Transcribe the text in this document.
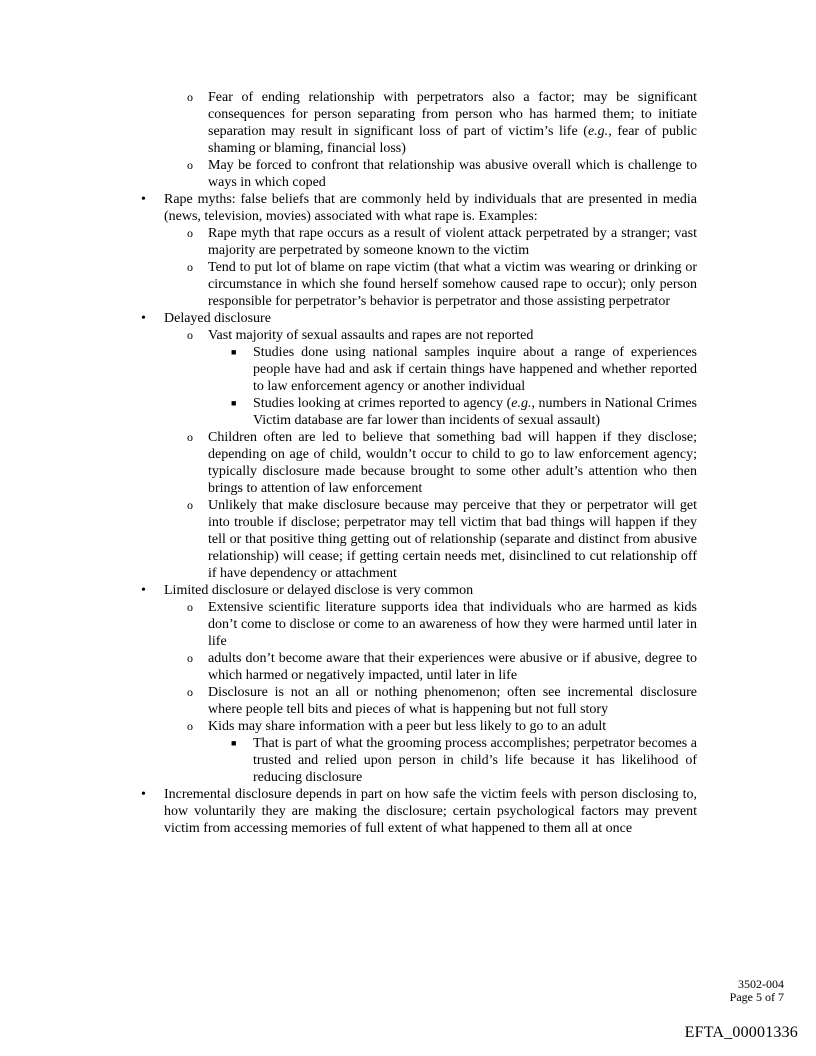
o Fear of ending relationship with perpetrators also a factor; may be significant consequences for person separating from person who has harmed them; to initiate separation may result in significant loss of part of victim’s life (e.g., fear of public shaming or blaming, financial loss)
o May be forced to confront that relationship was abusive overall which is challenge to ways in which coped
• Rape myths: false beliefs that are commonly held by individuals that are presented in media (news, television, movies) associated with what rape is. Examples:
o Rape myth that rape occurs as a result of violent attack perpetrated by a stranger; vast majority are perpetrated by someone known to the victim
o Tend to put lot of blame on rape victim (that what a victim was wearing or drinking or circumstance in which she found herself somehow caused rape to occur); only person responsible for perpetrator’s behavior is perpetrator and those assisting perpetrator
• Delayed disclosure
o Vast majority of sexual assaults and rapes are not reported
■ Studies done using national samples inquire about a range of experiences people have had and ask if certain things have happened and whether reported to law enforcement agency or another individual
■ Studies looking at crimes reported to agency (e.g., numbers in National Crimes Victim database are far lower than incidents of sexual assault)
o Children often are led to believe that something bad will happen if they disclose; depending on age of child, wouldn’t occur to child to go to law enforcement agency; typically disclosure made because brought to some other adult’s attention who then brings to attention of law enforcement
o Unlikely that make disclosure because may perceive that they or perpetrator will get into trouble if disclose; perpetrator may tell victim that bad things will happen if they tell or that positive thing getting out of relationship (separate and distinct from abusive relationship) will cease; if getting certain needs met, disinclined to cut relationship off if have dependency or attachment
• Limited disclosure or delayed disclose is very common
o Extensive scientific literature supports idea that individuals who are harmed as kids don’t come to disclose or come to an awareness of how they were harmed until later in life
o adults don’t become aware that their experiences were abusive or if abusive, degree to which harmed or negatively impacted, until later in life
o Disclosure is not an all or nothing phenomenon; often see incremental disclosure where people tell bits and pieces of what is happening but not full story
o Kids may share information with a peer but less likely to go to an adult
■ That is part of what the grooming process accomplishes; perpetrator becomes a trusted and relied upon person in child’s life because it has likelihood of reducing disclosure
• Incremental disclosure depends in part on how safe the victim feels with person disclosing to, how voluntarily they are making the disclosure; certain psychological factors may prevent victim from accessing memories of full extent of what happened to them all at once
3502-004
Page 5 of 7
EFTA_00001336
